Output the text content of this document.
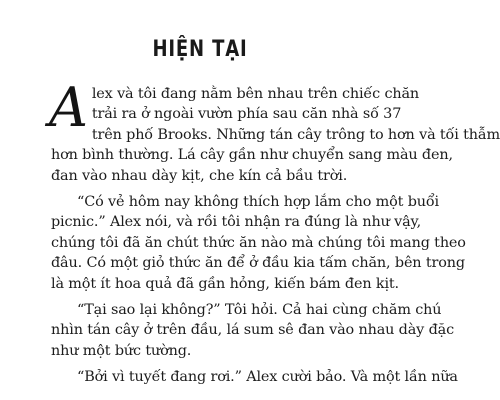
HIỆN TẠI
A lex và tôi đang nằm bên nhau trên chiếc chăn
trải ra ở ngoài vườn phía sau căn nhà số 37
trên phố Brooks. Những tán cây trông to hơn và tối thẫm
hơn bình thường. Lá cây gần như chuyển sang màu đen,
đan vào nhau dày kịt, che kín cả bầu trời.
“Có vẻ hôm nay không thích hợp lắm cho một buổi
picnic.” Alex nói, và rồi tôi nhận ra đúng là như vậy,
chúng tôi đã ăn chút thức ăn nào mà chúng tôi mang theo
đâu. Có một giỏ thức ăn để ở đầu kia tấm chăn, bên trong
là một ít hoa quả đã gần hỏng, kiến bám đen kịt.
“Tại sao lại không?” Tôi hỏi. Cả hai cùng chăm chú
nhìn tán cây ở trên đầu, lá sum sê đan vào nhau dày đặc
như một bức tường.
“Bởi vì tuyết đang rơi.” Alex cười bảo. Và một lần nữa
